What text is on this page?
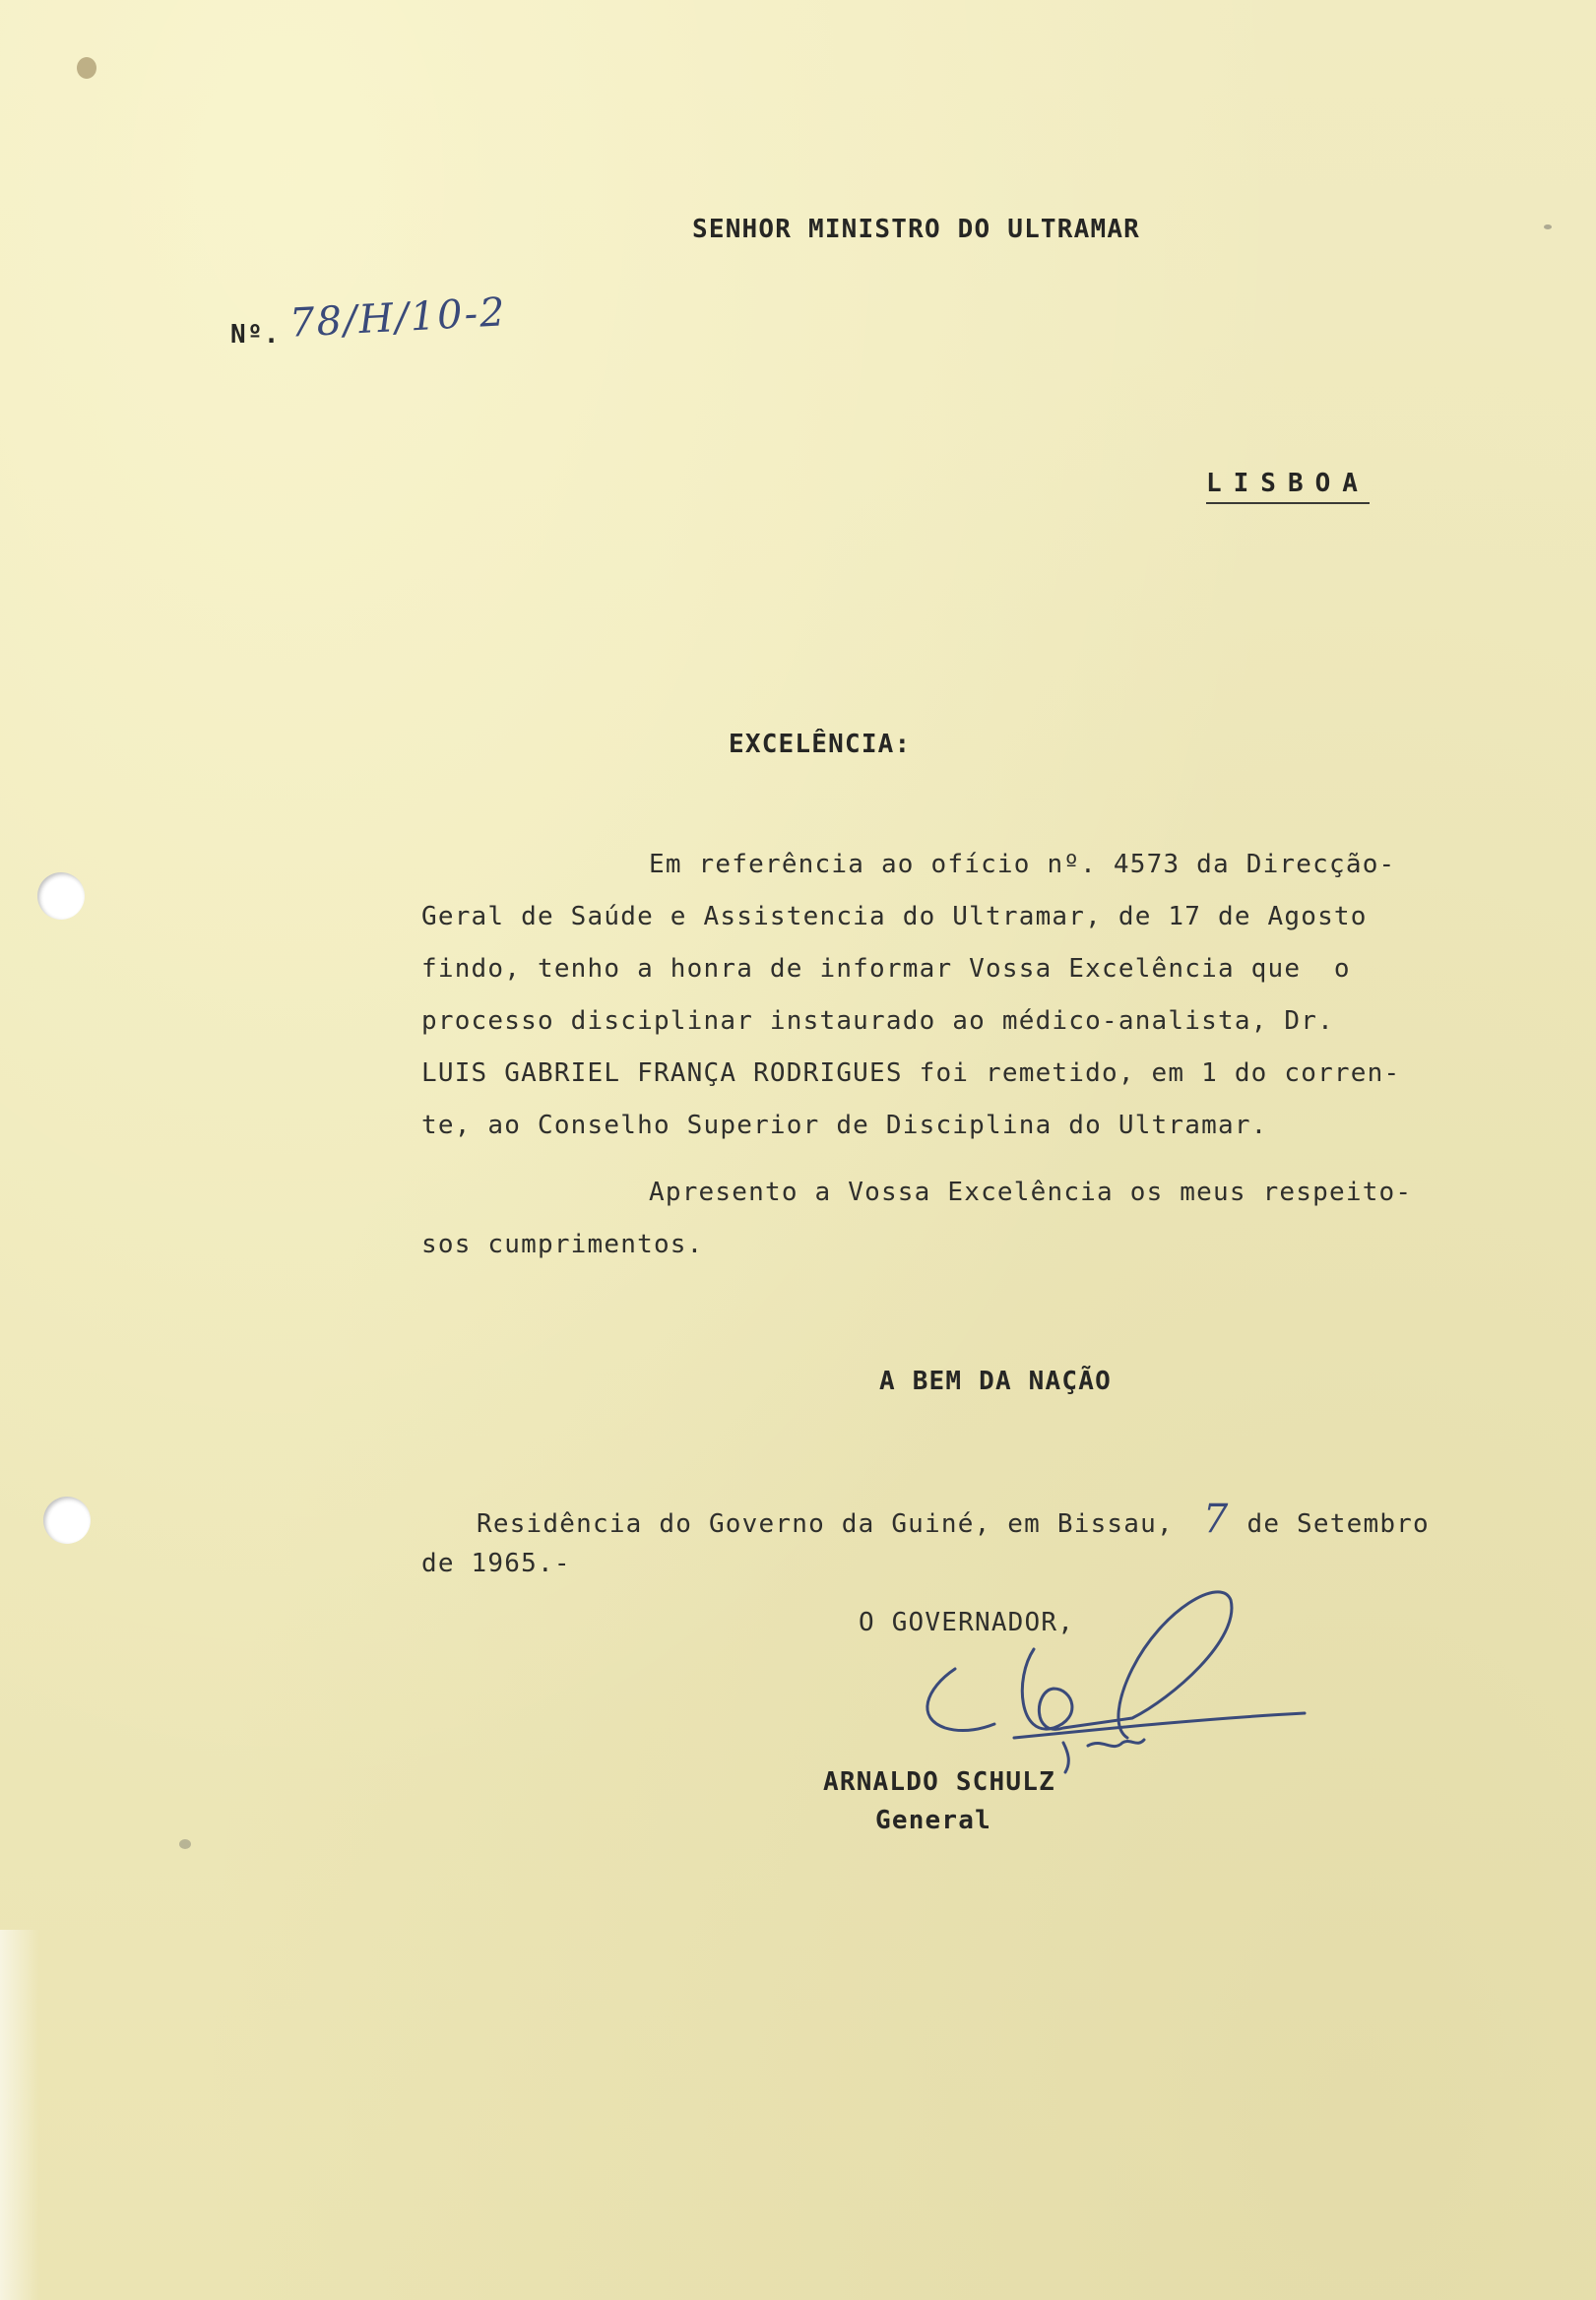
SENHOR MINISTRO DO ULTRAMAR
Nº. 78/H/10-2
LISBOA
EXCELÊNCIA:
Em referência ao ofício nº. 4573 da Direcção-
Geral de Saúde e Assistencia do Ultramar, de 17 de Agosto
findo, tenho a honra de informar Vossa Excelência que  o
processo disciplinar instaurado ao médico-analista, Dr.
LUIS GABRIEL FRANÇA RODRIGUES foi remetido, em 1 do corren-
te, ao Conselho Superior de Disciplina do Ultramar.
Apresento a Vossa Excelência os meus respeito-
sos cumprimentos.
A BEM DA NAÇÃO
Residência do Governo da Guiné, em Bissau, 7 de Setembro
de 1965.-
O GOVERNADOR,
ARNALDO SCHULZ
General
